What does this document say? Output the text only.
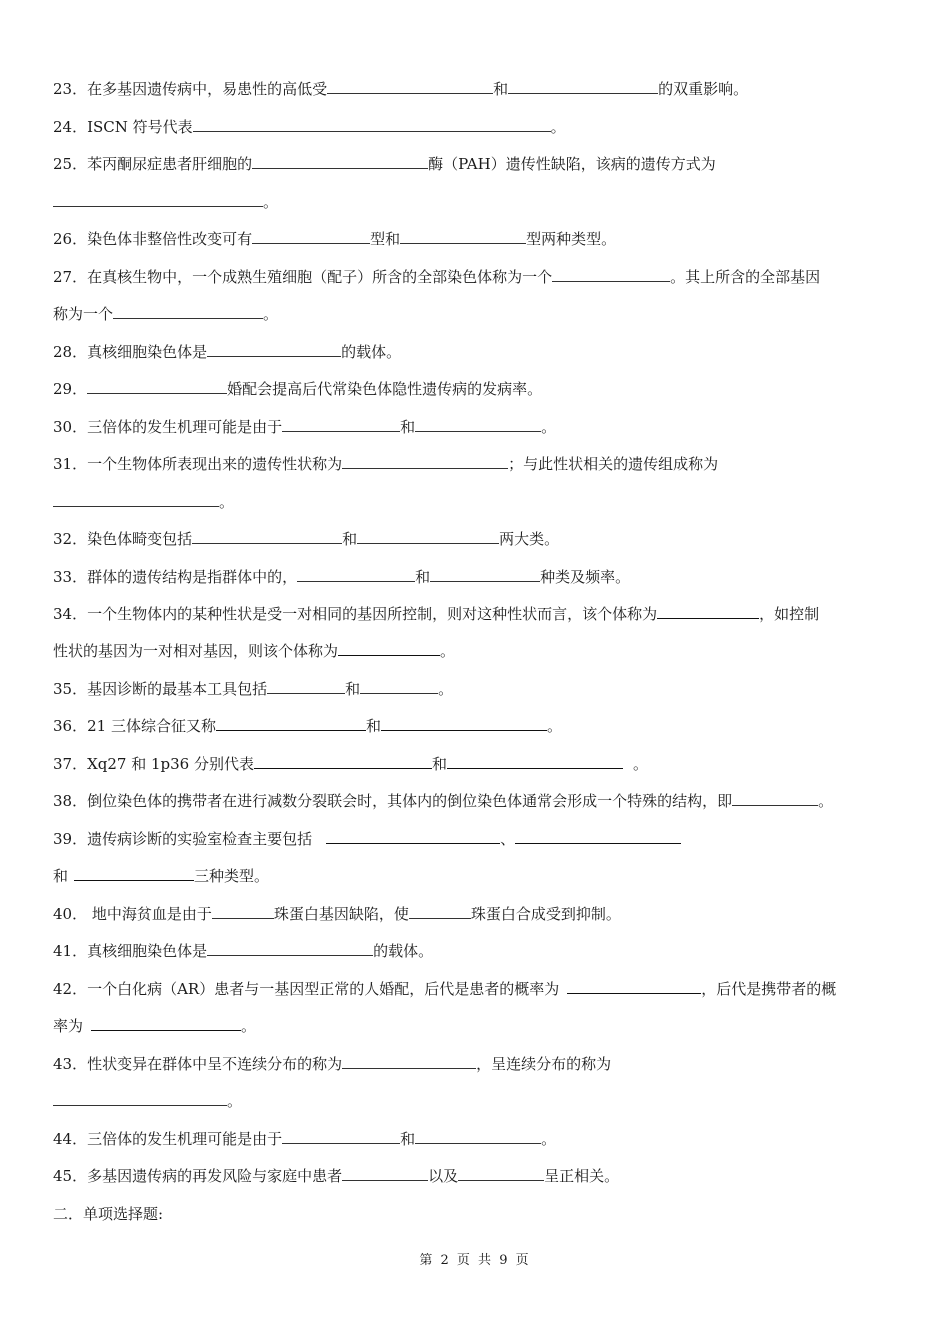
23．在多基因遗传病中，易患性的高低受	和	的双重影响。
24．ISCN 符号代表	。
25．苯丙酮尿症患者肝细胞的	酶（PAH）遗传性缺陷，该病的遗传方式为
。
26．染色体非整倍性改变可有	型和	型两种类型。
27．在真核生物中，一个成熟生殖细胞（配子）所含的全部染色体称为一个	。其上所含的全部基因
称为一个	。
28．真核细胞染色体是	的载体。
29．	婚配会提高后代常染色体隐性遗传病的发病率。
30．三倍体的发生机理可能是由于	和	。
31．一个生物体所表现出来的遗传性状称为	；与此性状相关的遗传组成称为
。
32．染色体畸变包括	和	两大类。
33．群体的遗传结构是指群体中的，	和	种类及频率。
34．一个生物体内的某种性状是受一对相同的基因所控制，则对这种性状而言，该个体称为	，如控制
性状的基因为一对相对基因，则该个体称为	。
35．基因诊断的最基本工具包括	和	。
36．21 三体综合征又称	和	。
37．Xq27 和 1p36 分别代表	和	。
38．倒位染色体的携带者在进行减数分裂联会时，其体内的倒位染色体通常会形成一个特殊的结构，即	。
39．遗传病诊断的实验室检查主要包括	、
和	三种类型。
40． 地中海贫血是由于	珠蛋白基因缺陷，使	珠蛋白合成受到抑制。
41．真核细胞染色体是	的载体。
42．一个白化病（AR）患者与一基因型正常的人婚配，后代是患者的概率为	，后代是携带者的概
率为	。
43．性状变异在群体中呈不连续分布的称为	，呈连续分布的称为
。
44．三倍体的发生机理可能是由于	和	。
45．多基因遗传病的再发风险与家庭中患者	以及	呈正相关。
二．单项选择题:
第 2 页 共 9 页
